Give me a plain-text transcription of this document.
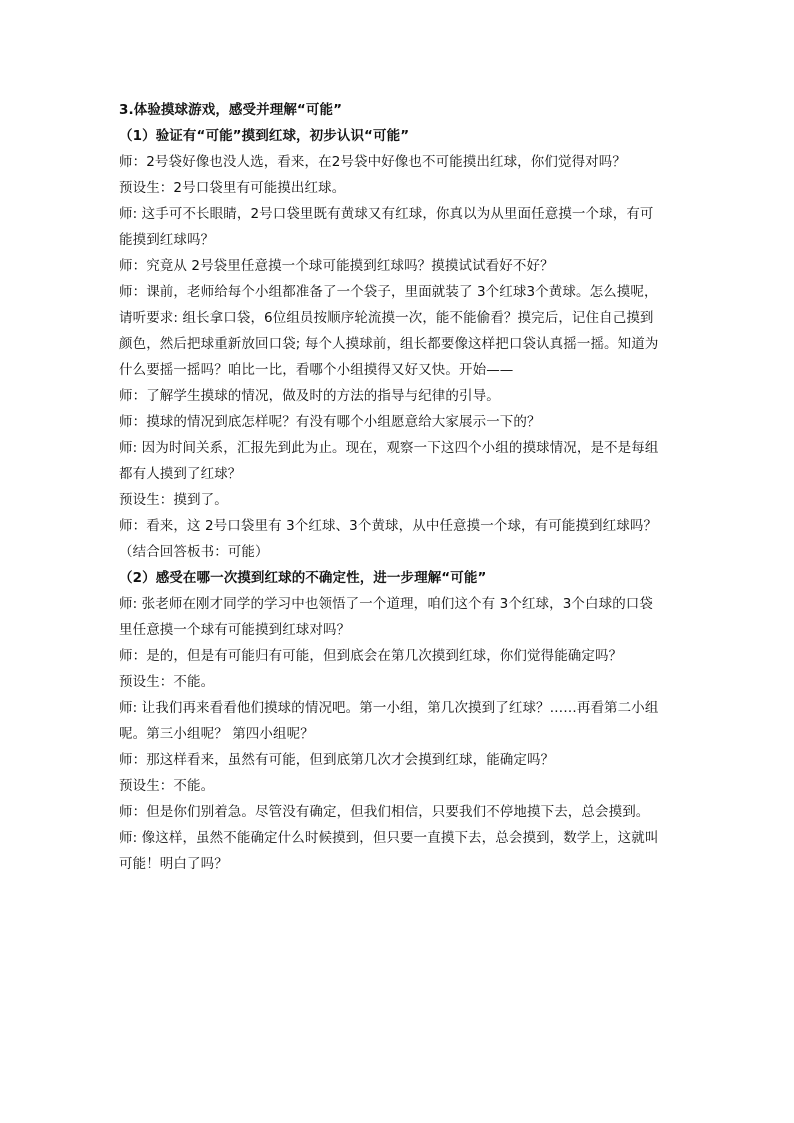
3.体验摸球游戏，感受并理解“可能”
（1）验证有“可能”摸到红球，初步认识“可能”
师：2号袋好像也没人选，看来，在2号袋中好像也不可能摸出红球，你们觉得对吗？
预设生：2号口袋里有可能摸出红球。
师: 这手可不长眼睛，2号口袋里既有黄球又有红球，你真以为从里面任意摸一个球，有可
能摸到红球吗？
师：究竟从 2号袋里任意摸一个球可能摸到红球吗？摸摸试试看好不好？
师：课前，老师给每个小组都准备了一个袋子，里面就装了 3个红球3个黄球。怎么摸呢，
请听要求: 组长拿口袋，6位组员按顺序轮流摸一次，能不能偷看？摸完后，记住自己摸到
颜色，然后把球重新放回口袋; 每个人摸球前，组长都要像这样把口袋认真摇一摇。知道为
什么要摇一摇吗？咱比一比，看哪个小组摸得又好又快。开始——
师：了解学生摸球的情况，做及时的方法的指导与纪律的引导。
师：摸球的情况到底怎样呢？有没有哪个小组愿意给大家展示一下的？
师: 因为时间关系，汇报先到此为止。现在，观察一下这四个小组的摸球情况，是不是每组
都有人摸到了红球？
预设生：摸到了。
师：看来，这 2号口袋里有 3个红球、3个黄球，从中任意摸一个球，有可能摸到红球吗？
（结合回答板书：可能）
（2）感受在哪一次摸到红球的不确定性，进一步理解“可能”
师: 张老师在刚才同学的学习中也领悟了一个道理，咱们这个有 3个红球，3个白球的口袋
里任意摸一个球有可能摸到红球对吗？
师：是的，但是有可能归有可能，但到底会在第几次摸到红球，你们觉得能确定吗？
预设生：不能。
师: 让我们再来看看他们摸球的情况吧。第一小组，第几次摸到了红球？……再看第二小组
呢。第三小组呢？ 第四小组呢？
师：那这样看来，虽然有可能，但到底第几次才会摸到红球，能确定吗？
预设生：不能。
师：但是你们别着急。尽管没有确定，但我们相信，只要我们不停地摸下去，总会摸到。
师: 像这样，虽然不能确定什么时候摸到，但只要一直摸下去，总会摸到，数学上，这就叫
可能！明白了吗？
